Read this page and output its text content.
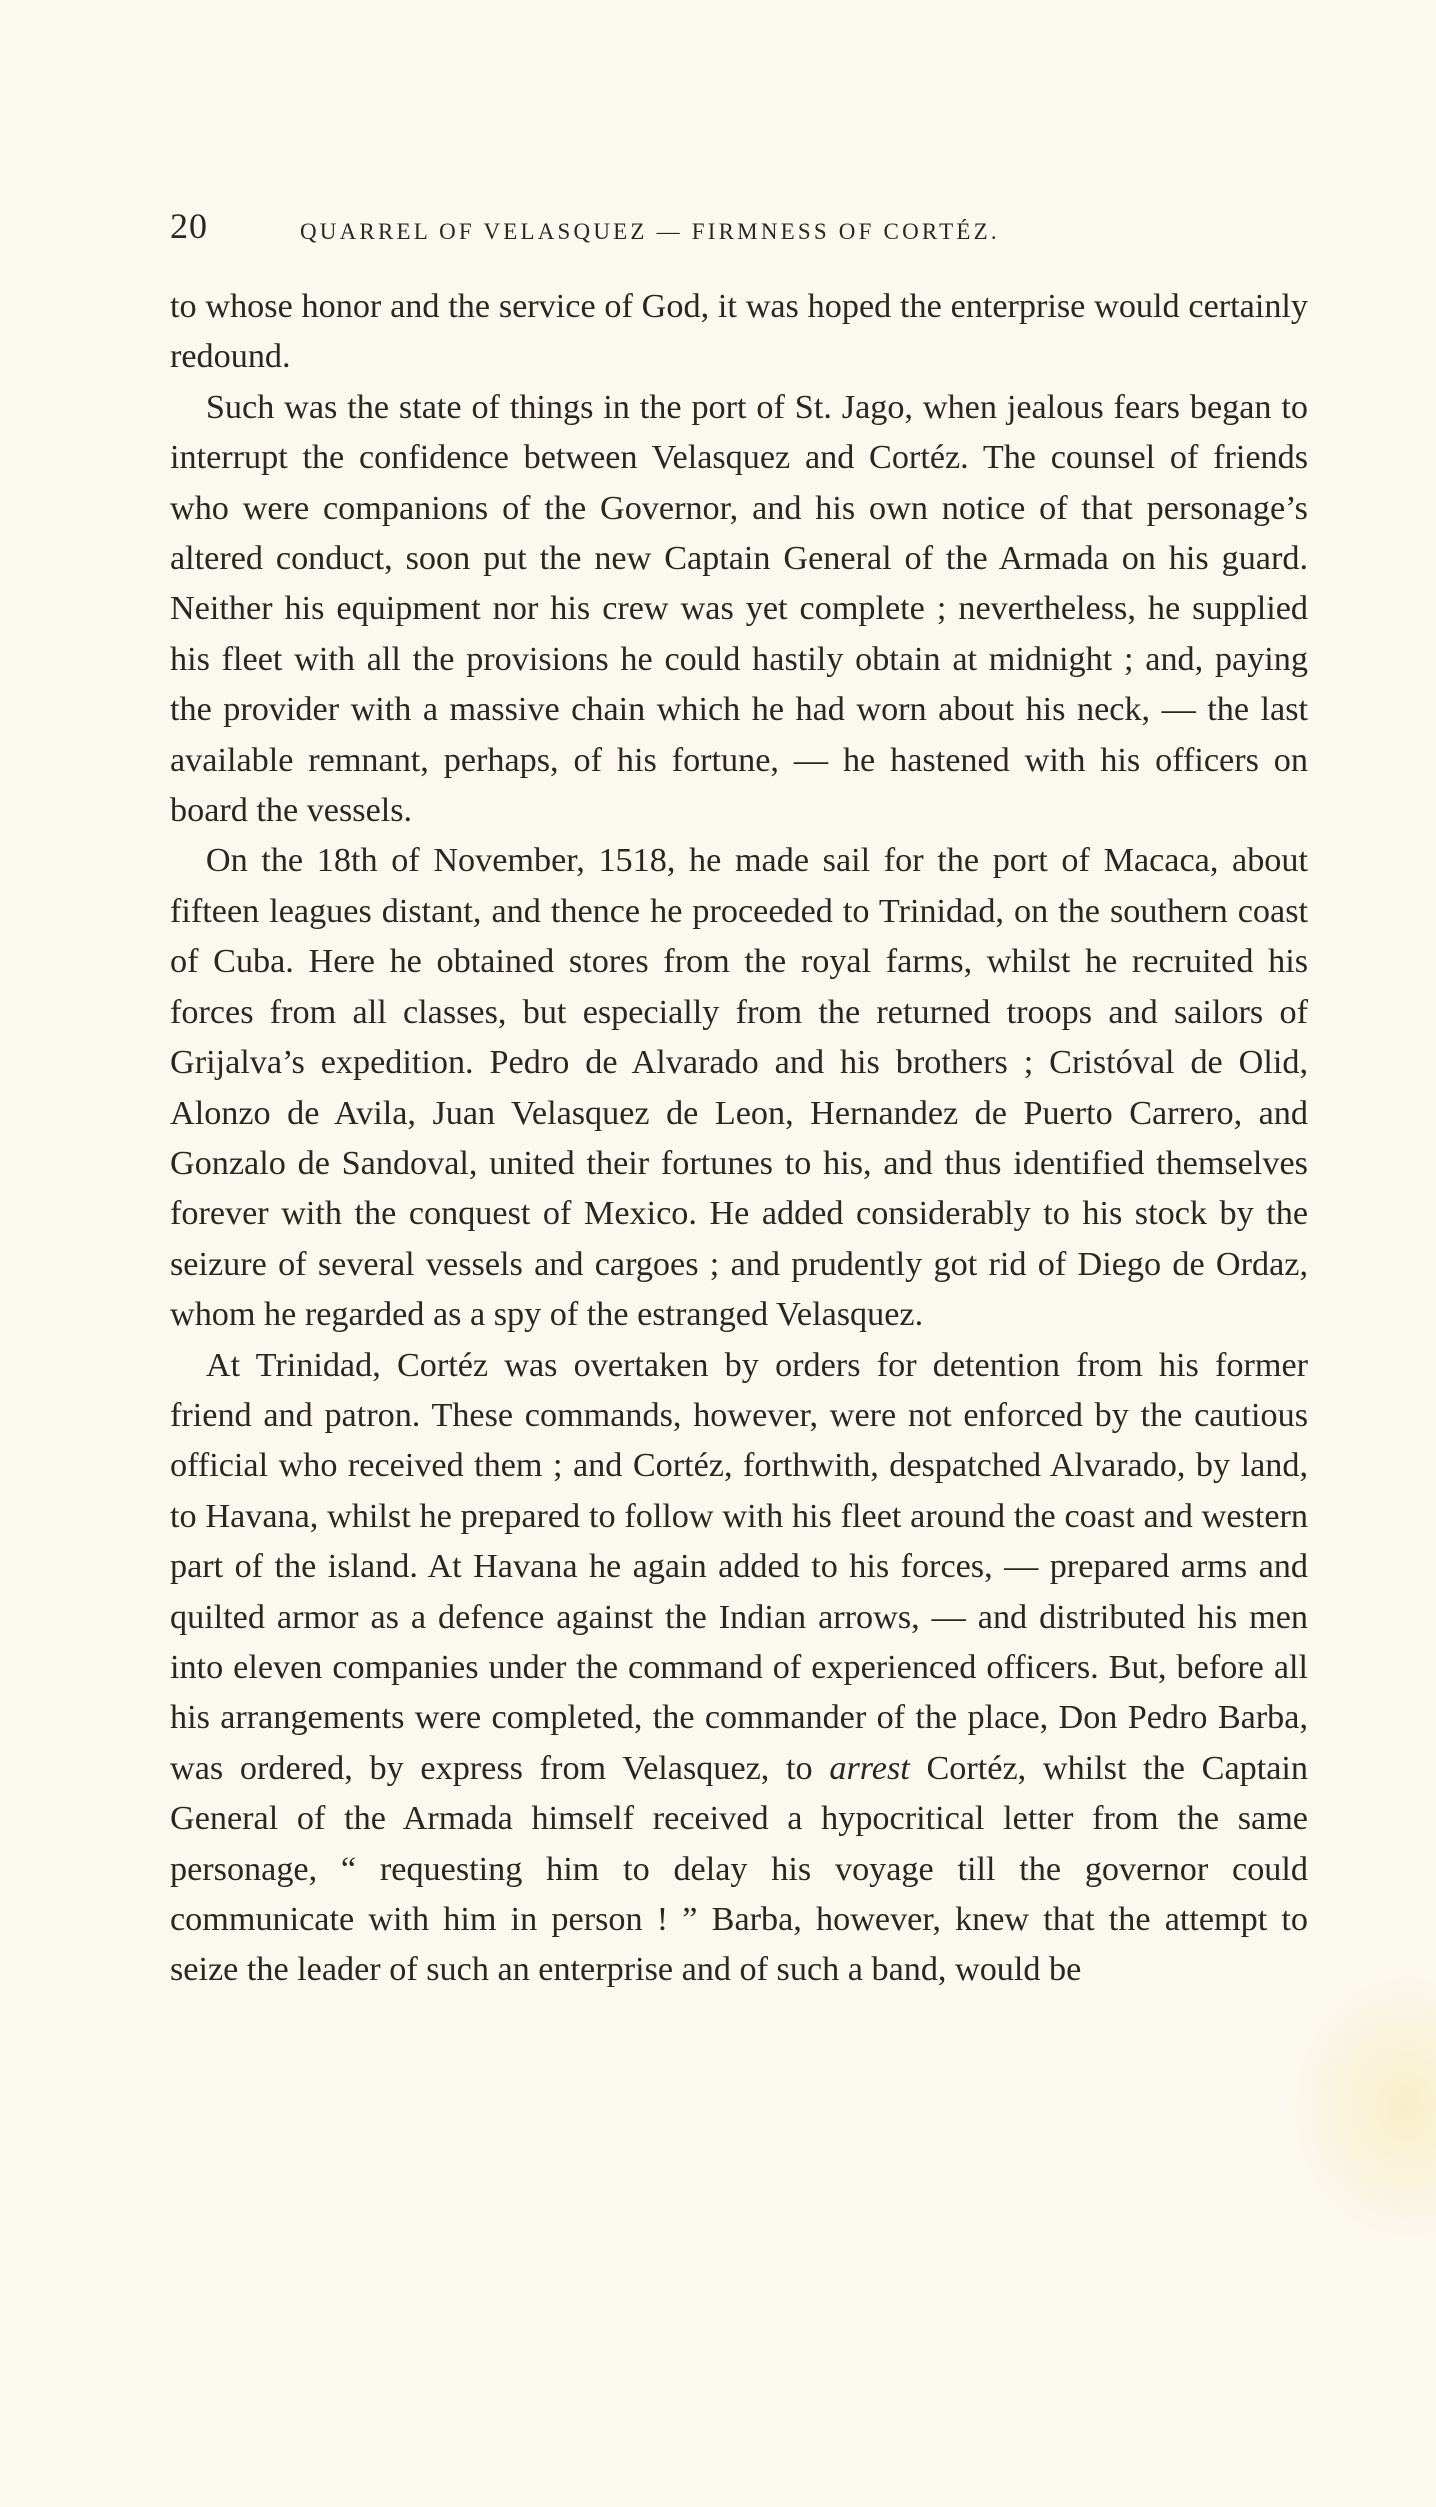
20	QUARREL OF VELASQUEZ — FIRMNESS OF CORTÉZ.

to whose honor and the service of God, it was hoped the enterprise would certainly redound.

Such was the state of things in the port of St. Jago, when jealous fears began to interrupt the confidence between Velasquez and Cortéz. The counsel of friends who were companions of the Governor, and his own notice of that personage’s altered conduct, soon put the new Captain General of the Armada on his guard. Neither his equipment nor his crew was yet complete ; nevertheless, he supplied his fleet with all the provisions he could hastily obtain at midnight ; and, paying the provider with a massive chain which he had worn about his neck, — the last available remnant, perhaps, of his fortune, — he hastened with his officers on board the vessels.

On the 18th of November, 1518, he made sail for the port of Macaca, about fifteen leagues distant, and thence he proceeded to Trinidad, on the southern coast of Cuba. Here he obtained stores from the royal farms, whilst he recruited his forces from all classes, but especially from the returned troops and sailors of Grijalva’s expedition. Pedro de Alvarado and his brothers ; Cristóval de Olid, Alonzo de Avila, Juan Velasquez de Leon, Hernandez de Puerto Carrero, and Gonzalo de Sandoval, united their fortunes to his, and thus identified themselves forever with the conquest of Mexico. He added considerably to his stock by the seizure of several vessels and cargoes ; and prudently got rid of Diego de Ordaz, whom he regarded as a spy of the estranged Velasquez.

At Trinidad, Cortéz was overtaken by orders for detention from his former friend and patron. These commands, however, were not enforced by the cautious official who received them ; and Cortéz, forthwith, despatched Alvarado, by land, to Havana, whilst he prepared to follow with his fleet around the coast and western part of the island. At Havana he again added to his forces, — prepared arms and quilted armor as a defence against the Indian arrows, — and distributed his men into eleven companies under the command of experienced officers. But, before all his arrangements were completed, the commander of the place, Don Pedro Barba, was ordered, by express from Velasquez, to arrest Cortéz, whilst the Captain General of the Armada himself received a hypocritical letter from the same personage, “ requesting him to delay his voyage till the governor could communicate with him in person ! ” Barba, however, knew that the attempt to seize the leader of such an enterprise and of such a band, would be
